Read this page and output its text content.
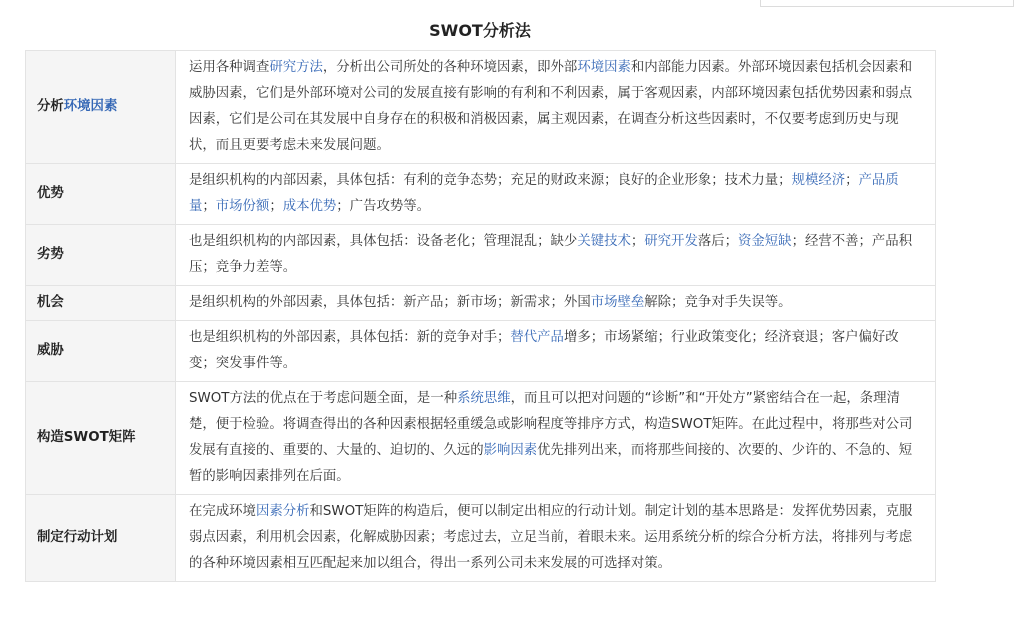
SWOT分析法
分析环境因素	运用各种调查研究方法，分析出公司所处的各种环境因素，即外部环境因素和内部能力因素。外部环境因素包括机会因素和威胁因素，它们是外部环境对公司的发展直接有影响的有利和不利因素，属于客观因素，内部环境因素包括优势因素和弱点因素，它们是公司在其发展中自身存在的积极和消极因素，属主观因素，在调查分析这些因素时，不仅要考虑到历史与现状，而且更要考虑未来发展问题。
优势	是组织机构的内部因素，具体包括：有利的竞争态势；充足的财政来源；良好的企业形象；技术力量；规模经济；产品质量；市场份额；成本优势；广告攻势等。
劣势	也是组织机构的内部因素，具体包括：设备老化；管理混乱；缺少关键技术；研究开发落后；资金短缺；经营不善；产品积压；竞争力差等。
机会	是组织机构的外部因素，具体包括：新产品；新市场；新需求；外国市场壁垒解除；竞争对手失误等。
威胁	也是组织机构的外部因素，具体包括：新的竞争对手；替代产品增多；市场紧缩；行业政策变化；经济衰退；客户偏好改变；突发事件等。
构造SWOT矩阵	SWOT方法的优点在于考虑问题全面，是一种系统思维，而且可以把对问题的“诊断”和“开处方”紧密结合在一起，条理清楚，便于检验。将调查得出的各种因素根据轻重缓急或影响程度等排序方式，构造SWOT矩阵。在此过程中，将那些对公司发展有直接的、重要的、大量的、迫切的、久远的影响因素优先排列出来，而将那些间接的、次要的、少许的、不急的、短暂的影响因素排列在后面。
制定行动计划	在完成环境因素分析和SWOT矩阵的构造后，便可以制定出相应的行动计划。制定计划的基本思路是：发挥优势因素，克服弱点因素，利用机会因素，化解威胁因素；考虑过去，立足当前，着眼未来。运用系统分析的综合分析方法，将排列与考虑的各种环境因素相互匹配起来加以组合，得出一系列公司未来发展的可选择对策。
